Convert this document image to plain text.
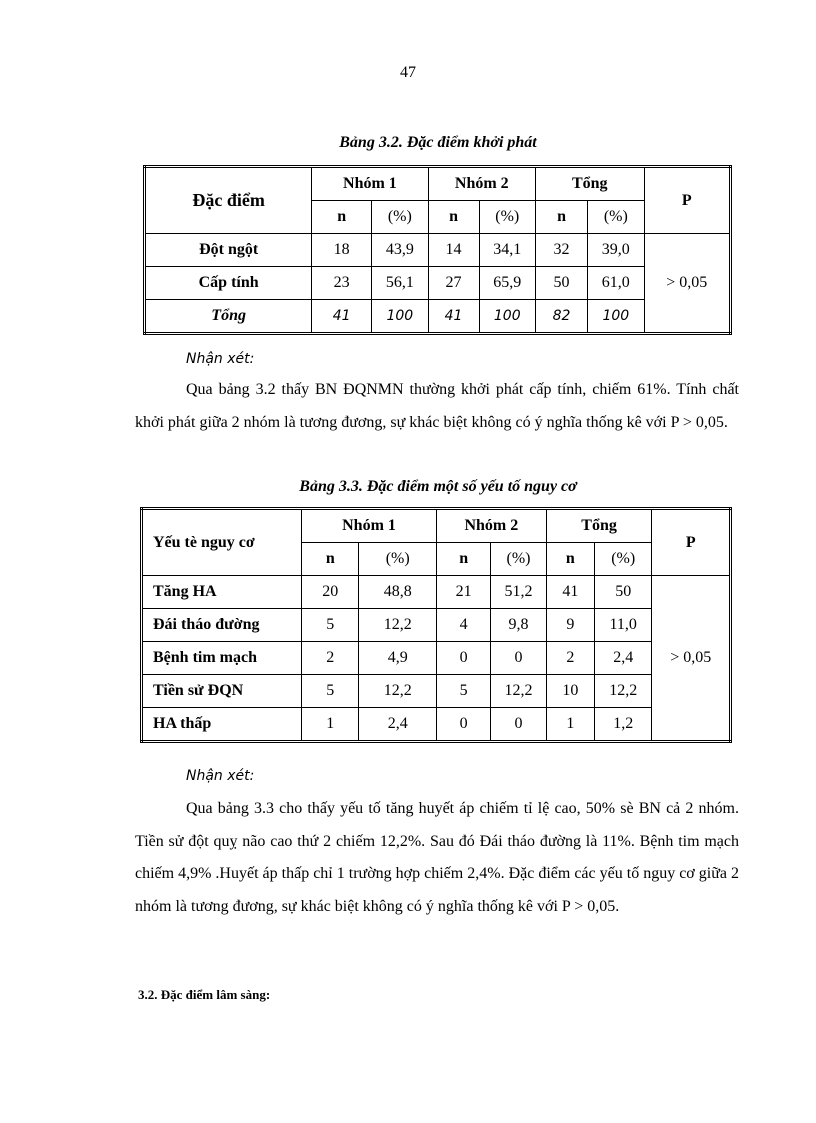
47
Bảng 3.2. Đặc điểm khởi phát
Đặc điểm	Nhóm 1		Nhóm 2		Tổng		P
	n	(%)	n	(%)	n	(%)	
Đột ngột	18	43,9	14	34,1	32	39,0	> 0,05
Cấp tính	23	56,1	27	65,9	50	61,0	
Tổng	41	100	41	100	82	100	
Nhận xét:

Qua bảng 3.2 thấy BN ĐQNMN thường khởi phát cấp tính, chiếm 61%. Tính chất khởi phát giữa 2 nhóm là tương đương, sự khác biệt không có ý nghĩa thống kê với P > 0,05.

Bảng 3.3. Đặc điểm một số yếu tố nguy cơ
Yếu tè nguy cơ	Nhóm 1		Nhóm 2		Tổng		P
	n	(%)	n	(%)	n	(%)	
Tăng HA	20	48,8	21	51,2	41	50	> 0,05
Đái tháo đường	5	12,2	4	9,8	9	11,0	
Bệnh tim mạch	2	4,9	0	0	2	2,4	
Tiền sử ĐQN	5	12,2	5	12,2	10	12,2	
HA thấp	1	2,4	0	0	1	1,2	
Nhận xét:

Qua bảng 3.3 cho thấy yếu tố tăng huyết áp chiếm tỉ lệ cao, 50% sè BN cả 2 nhóm. Tiền sử đột quỵ não cao thứ 2 chiếm 12,2%. Sau đó Đái tháo đường là 11%. Bệnh tim mạch chiếm 4,9% .Huyết áp thấp chỉ 1 trường hợp chiếm 2,4%. Đặc điểm các yếu tố nguy cơ giữa 2 nhóm là tương đương, sự khác biệt không có ý nghĩa thống kê với P > 0,05.

3.2. Đặc điểm lâm sàng:
